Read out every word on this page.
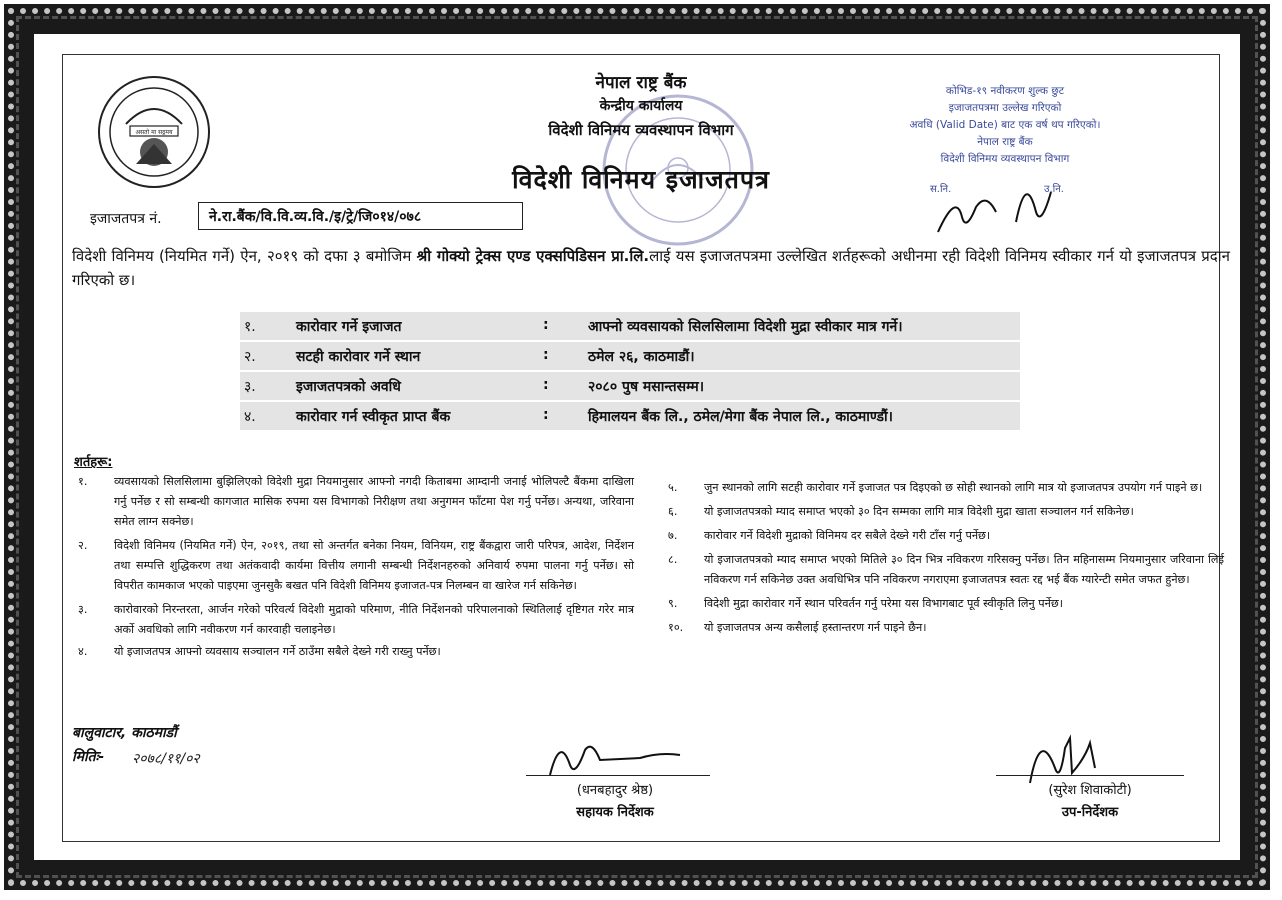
असतो मा सद्गमय
नेपाल राष्ट्र बैंक
केन्द्रीय कार्यालय
विदेशी विनिमय व्यवस्थापन विभाग
विदेशी विनिमय इजाजतपत्र
कोभिड-१९ नवीकरण शुल्क छुट
इजाजतपत्रमा उल्लेख गरिएको
अवधि (Valid Date) बाट एक वर्ष थप गरिएको।
नेपाल राष्ट्र बैंक
विदेशी विनिमय व्यवस्थापन विभाग
स.नि.	उ.नि.
इजाजतपत्र नं.	ने.रा.बैंक/वि.वि.व्य.वि./इ/ट्रे/जि०१४/०७८
विदेशी विनिमय (नियमित गर्ने) ऐन, २०१९ को दफा ३ बमोजिम श्री गोक्यो ट्रेक्स एण्ड एक्सपिडिसन प्रा.लि.लाई यस इजाजतपत्रमा उल्लेखित शर्तहरूको अधीनमा रही विदेशी विनिमय स्वीकार गर्न यो इजाजतपत्र प्रदान गरिएको छ।
१.	कारोवार गर्ने इजाजत	:	आफ्नो व्यवसायको सिलसिलामा विदेशी मुद्रा स्वीकार मात्र गर्ने।
२.	सटही कारोवार गर्ने स्थान	:	ठमेल २६, काठमाडौं।
३.	इजाजतपत्रको अवधि	:	२०८० पुष मसान्तसम्म।
४.	कारोवार गर्न स्वीकृत प्राप्त बैंक	:	हिमालयन बैंक लि., ठमेल/मेगा बैंक नेपाल लि., काठमाण्डौं।
शर्तहरू:
१. व्यवसायको सिलसिलामा बुझिलिएको विदेशी मुद्रा नियमानुसार आफ्नो नगदी किताबमा आम्दानी जनाई भोलिपल्टै बैंकमा दाखिला गर्नु पर्नेछ र सो सम्बन्धी कागजात मासिक रुपमा यस विभागको निरीक्षण तथा अनुगमन फाँटमा पेश गर्नु पर्नेछ। अन्यथा, जरिवाना समेत लाग्न सक्नेछ।
२. विदेशी विनिमय (नियमित गर्ने) ऐन, २०१९, तथा सो अन्तर्गत बनेका नियम, विनियम, राष्ट्र बैंकद्वारा जारी परिपत्र, आदेश, निर्देशन तथा सम्पत्ति शुद्धिकरण तथा अतंकवादी कार्यमा वित्तीय लगानी सम्बन्धी निर्देशनहरुको अनिवार्य रुपमा पालना गर्नु पर्नेछ। सो विपरीत कामकाज भएको पाइएमा जुनसुकै बखत पनि विदेशी विनिमय इजाजत-पत्र निलम्बन वा खारेज गर्न सकिनेछ।
३. कारोवारको निरन्तरता, आर्जन गरेको परिवर्त्य विदेशी मुद्राको परिमाण, नीति निर्देशनको परिपालनाको स्थितिलाई दृष्टिगत गरेर मात्र अर्को अवधिको लागि नवीकरण गर्न कारवाही चलाइनेछ।
४. यो इजाजतपत्र आफ्नो व्यवसाय सञ्चालन गर्ने ठाउँमा सबैले देख्ने गरी राख्नु पर्नेछ।
५. जुन स्थानको लागि सटही कारोवार गर्ने इजाजत पत्र दिइएको छ सोही स्थानको लागि मात्र यो इजाजतपत्र उपयोग गर्न पाइने छ।
६. यो इजाजतपत्रको म्याद समाप्त भएको ३० दिन सम्मका लागि मात्र विदेशी मुद्रा खाता सञ्चालन गर्न सकिनेछ।
७. कारोवार गर्ने विदेशी मुद्राको विनिमय दर सबैले देख्ने गरी टाँस गर्नु पर्नेछ।
८. यो इजाजतपत्रको म्याद समाप्त भएको मितिले ३० दिन भित्र नविकरण गरिसक्नु पर्नेछ। तिन महिनासम्म नियमानुसार जरिवाना लिई नविकरण गर्न सकिनेछ उक्त अवधिभित्र पनि नविकरण नगराएमा इजाजतपत्र स्वतः रद्द भई बैंक ग्यारेन्टी समेत जफत हुनेछ।
९. विदेशी मुद्रा कारोवार गर्ने स्थान परिवर्तन गर्नु परेमा यस विभागबाट पूर्व स्वीकृति लिनु पर्नेछ।
१०. यो इजाजतपत्र अन्य कसैलाई हस्तान्तरण गर्न पाइने छैन।
बालुवाटार, काठमाडौं
मितिः- २०७८/११/०२
(धनबहादुर श्रेष्ठ)
सहायक निर्देशक
(सुरेश शिवाकोटी)
उप-निर्देशक
